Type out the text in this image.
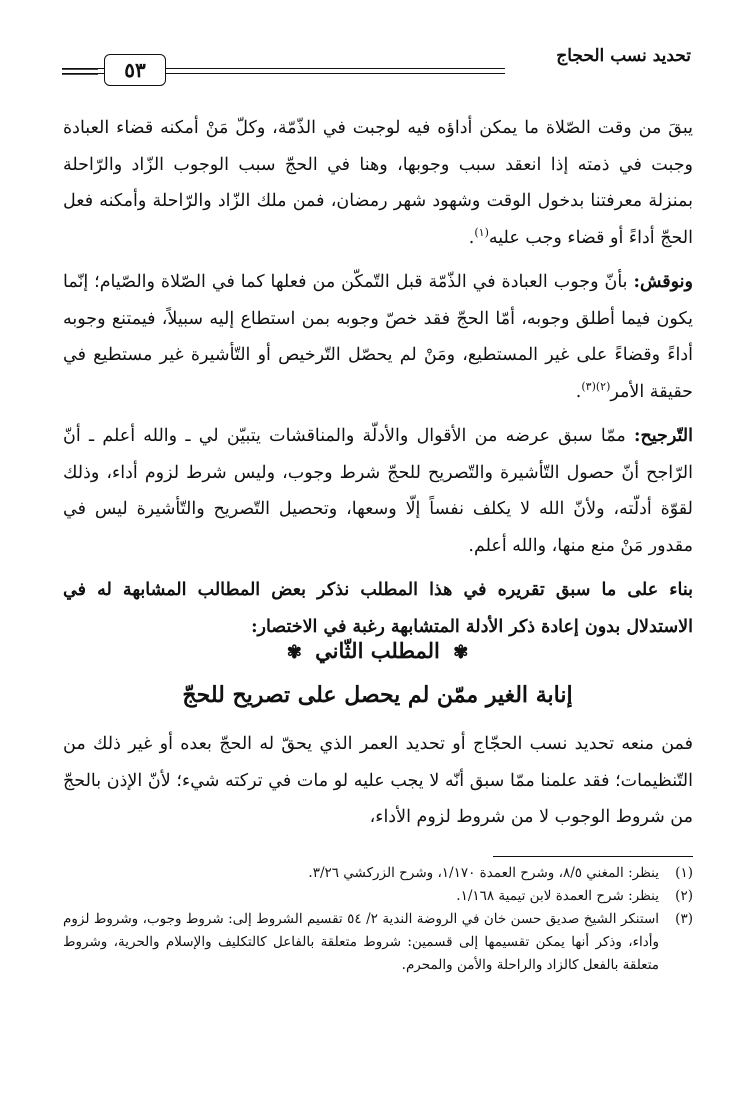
تحديد نسب الحجاج
٥٣

يبقَ من وقت الصّلاة ما يمكن أداؤه فيه لوجبت في الذّمّة، وكلّ مَنْ أمكنه قضاء العبادة وجبت في ذمته إذا انعقد سبب وجوبها، وهنا في الحجّ سبب الوجوب الزّاد والرّاحلة بمنزلة معرفتنا بدخول الوقت وشهود شهر رمضان، فمن ملك الزّاد والرّاحلة وأمكنه فعل الحجّ أداءً أو قضاء وجب عليه$^{(١)}$.

ونوقش: بأنّ وجوب العبادة في الذّمّة قبل التّمكّن من فعلها كما في الصّلاة والصّيام؛ إنّما يكون فيما أطلق وجوبه، أمّا الحجّ فقد خصّ وجوبه بمن استطاع إليه سبيلاً، فيمتنع وجوبه أداءً وقضاءً على غير المستطيع، ومَنْ لم يحصّل التّرخيص أو التّأشيرة غير مستطيع في حقيقة الأمر$^{(٢)(٣)}$.

التّرجيح: ممّا سبق عرضه من الأقوال والأدلّة والمناقشات يتبيّن لي ـ والله أعلم ـ أنّ الرّاجح أنّ حصول التّأشيرة والتّصريح للحجّ شرط وجوب، وليس شرط لزوم أداء، وذلك لقوّة أدلّته، ولأنّ الله لا يكلف نفساً إلّا وسعها، وتحصيل التّصريح والتّأشيرة ليس في مقدور مَنْ منع منها، والله أعلم.

بناء على ما سبق تقريره في هذا المطلب نذكر بعض المطالب المشابهة له في الاستدلال بدون إعادة ذكر الأدلة المتشابهة رغبة في الاختصار:

✾ المطلب الثّاني ✾
إنابة الغير ممّن لم يحصل على تصريح للحجّ

فمن منعه تحديد نسب الحجّاج أو تحديد العمر الذي يحقّ له الحجّ بعده أو غير ذلك من التّنظيمات؛ فقد علمنا ممّا سبق أنّه لا يجب عليه لو مات في تركته شيء؛ لأنّ الإذن بالحجّ من شروط الوجوب لا من شروط لزوم الأداء،

(١)
ينظر: المغني ٨/٥، وشرح العمدة ١/١٧٠، وشرح الزركشي ٣/٢٦.
(٢)
ينظر: شرح العمدة لابن تيمية ١/١٦٨.
(٣)
استنكر الشيخ صديق حسن خان في الروضة الندية ٢/ ٥٤ تقسيم الشروط إلى: شروط وجوب، وشروط لزوم وأداء، وذكر أنها يمكن تقسيمها إلى قسمين: شروط متعلقة بالفاعل كالتكليف والإسلام والحرية، وشروط متعلقة بالفعل كالزاد والراحلة والأمن والمحرم.
